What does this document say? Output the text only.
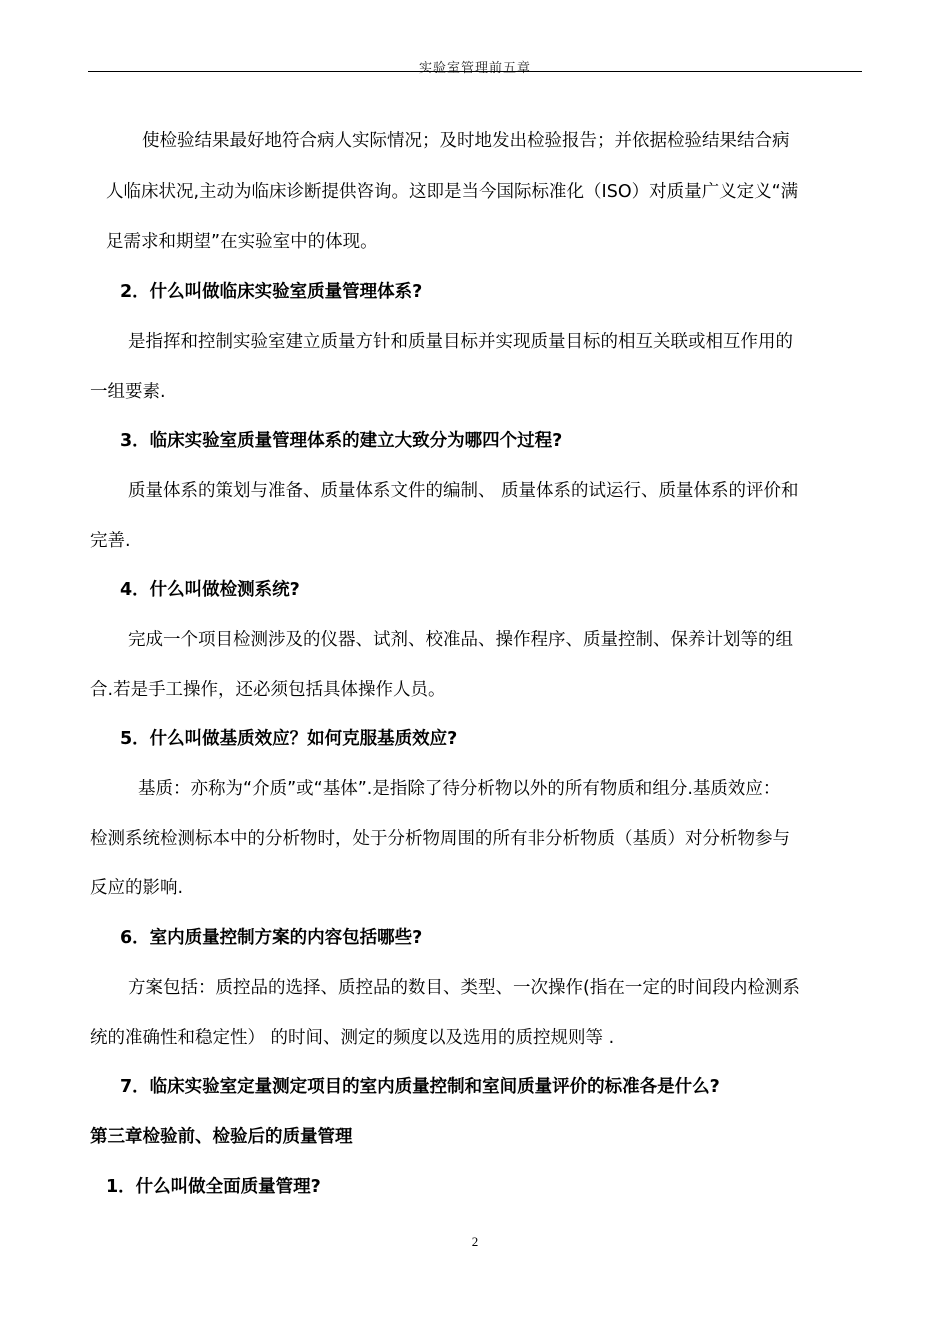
实验室管理前五章
使检验结果最好地符合病人实际情况；及时地发出检验报告；并依据检验结果结合病
人临床状况,主动为临床诊断提供咨询。这即是当今国际标准化（ISO）对质量广义定义“满
足需求和期望”在实验室中的体现。
2．什么叫做临床实验室质量管理体系?
是指挥和控制实验室建立质量方针和质量目标并实现质量目标的相互关联或相互作用的
一组要素.
3．临床实验室质量管理体系的建立大致分为哪四个过程?
质量体系的策划与准备、质量体系文件的编制、 质量体系的试运行、质量体系的评价和
完善.
4．什么叫做检测系统?
完成一个项目检测涉及的仪器、试剂、校准品、操作程序、质量控制、保养计划等的组
合.若是手工操作，还必须包括具体操作人员。
5．什么叫做基质效应？如何克服基质效应?
基质：亦称为“介质”或“基体”.是指除了待分析物以外的所有物质和组分.基质效应：
检测系统检测标本中的分析物时，处于分析物周围的所有非分析物质（基质）对分析物参与
反应的影响.
6．室内质量控制方案的内容包括哪些?
方案包括：质控品的选择、质控品的数目、类型、一次操作(指在一定的时间段内检测系
统的准确性和稳定性） 的时间、测定的频度以及选用的质控规则等 .
7．临床实验室定量测定项目的室内质量控制和室间质量评价的标准各是什么?
第三章检验前、检验后的质量管理
1．什么叫做全面质量管理?
2
